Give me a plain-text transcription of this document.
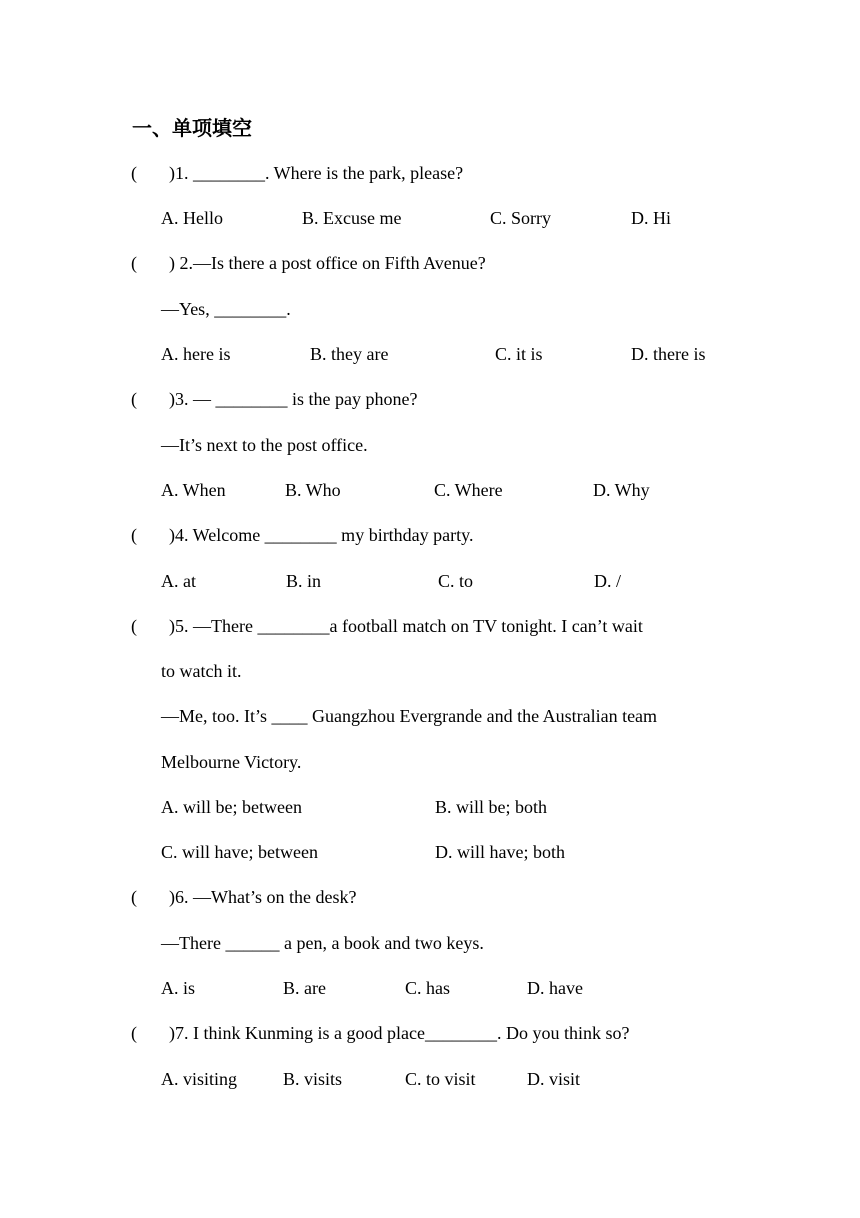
一、单项填空
( )1. ________. Where is the park, please?
A. Hello	B. Excuse me	C. Sorry	D. Hi
( ) 2.—Is there a post office on Fifth Avenue?
—Yes, ________.
A. here is	B. they are	C. it is	D. there is
( )3. — ________ is the pay phone?
—It’s next to the post office.
A. When	B. Who	C. Where	D. Why
( )4. Welcome ________ my birthday party.
A. at	B. in	C. to	D. /
( )5. —There ________a football match on TV tonight. I can’t wait
to watch it.
—Me, too. It’s ____ Guangzhou Evergrande and the Australian team
Melbourne Victory.
A. will be; between	B. will be; both
C. will have; between	D. will have; both
( )6. —What’s on the desk?
—There ______ a pen, a book and two keys.
A. is	B. are	C. has	D. have
( )7. I think Kunming is a good place________. Do you think so?
A. visiting	B. visits	C. to visit	D. visit
